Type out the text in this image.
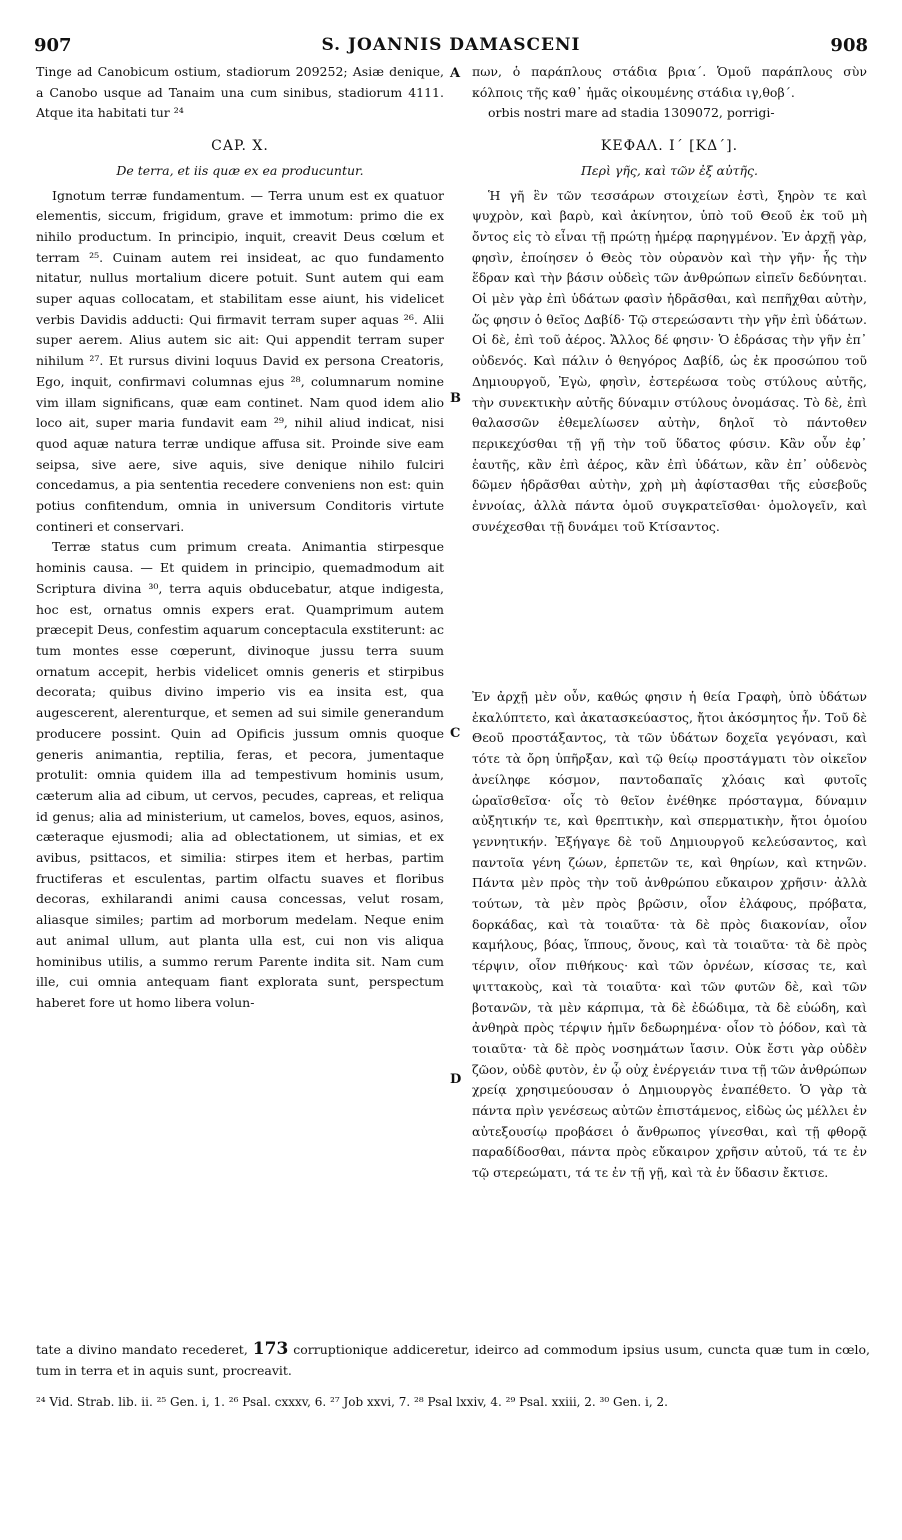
907	S. JOANNIS DAMASCENI	908

Tinge ad Canobicum ostium, stadiorum 209252; Asiæ denique, a Canobo usque ad Tanaim una cum sinibus, stadiorum 4111. Atque ita habitati tur ²⁴

CAP. X.

De terra, et iis quæ ex ea producuntur.

Ignotum terræ fundamentum. — Terra unum est ex quatuor elementis, siccum, frigidum, grave et immotum: primo die ex nihilo productum. In principio, inquit, creavit Deus cœlum et terram ²⁵. Cuinam autem rei insideat, ac quo fundamento nitatur, nullus mortalium dicere potuit. Sunt autem qui eam super aquas collocatam, et stabilitam esse aiunt, his videlicet verbis Davidis adducti: Qui firmavit terram super aquas ²⁶. Alii super aerem. Alius autem sic ait: Qui appendit terram super nihilum ²⁷. Et rursus divini loquus David ex persona Creatoris, Ego, inquit, confirmavi columnas ejus ²⁸, columnarum nomine vim illam significans, quæ eam continet. Nam quod idem alio loco ait, super maria fundavit eam ²⁹, nihil aliud indicat, nisi quod aquæ natura terræ undique affusa sit. Proinde sive eam seipsa, sive aere, sive aquis, sive denique nihilo fulciri concedamus, a pia sententia recedere conveniens non est: quin potius confitendum, omnia in universum Conditoris virtute contineri et conservari.

Terræ status cum primum creata. Animantia stirpesque hominis causa. — Et quidem in principio, quemadmodum ait Scriptura divina ³⁰, terra aquis obducebatur, atque indigesta, hoc est, ornatus omnis expers erat. Quamprimum autem præcepit Deus, confestim aquarum conceptacula exstiterunt: ac tum montes esse cœperunt, divinoque jussu terra suum ornatum accepit, herbis videlicet omnis generis et stirpibus decorata; quibus divino imperio vis ea insita est, qua augescerent, alerenturque, et semen ad sui simile generandum producere possint. Quin ad Opificis jussum omnis quoque generis animantia, reptilia, feras, et pecora, jumentaque protulit: omnia quidem illa ad tempestivum hominis usum, cæterum alia ad cibum, ut cervos, pecudes, capreas, et reliqua id genus; alia ad ministerium, ut camelos, boves, equos, asinos, cæteraque ejusmodi; alia ad oblectationem, ut simias, et ex avibus, psittacos, et similia: stirpes item et herbas, partim fructiferas et esculentas, partim olfactu suaves et floribus decoras, exhilarandi animi causa concessas, velut rosam, aliasque similes; partim ad morborum medelam. Neque enim aut animal ullum, aut planta ulla est, cui non vis aliqua hominibus utilis, a summo rerum Parente indita sit. Nam cum ille, cui omnia antequam fiant explorata sunt, perspectum haberet fore ut homo libera volun-

A
B
C
D

πων, ὁ παράπλους στάδια βρια´. Ὁμοῦ παράπλους σὺν κόλποις τῆς καθ᾽ ἡμᾶς οἰκουμένης στάδια ιγ,θοβ´.

orbis nostri mare ad stadia 1309072, porrigi-

ΚΕΦΑΛ. Ι´ [ΚΔ´].

Περὶ γῆς, καὶ τῶν ἐξ αὐτῆς.

Ἡ γῆ ἓν τῶν τεσσάρων στοιχείων ἐστὶ, ξηρὸν τε καὶ ψυχρὸν, καὶ βαρὺ, καὶ ἀκίνητον, ὑπὸ τοῦ Θεοῦ ἐκ τοῦ μὴ ὄντος εἰς τὸ εἶναι τῇ πρώτῃ ἡμέρᾳ παρηγμένον. Ἐν ἀρχῇ γὰρ, φησὶν, ἐποίησεν ὁ Θεὸς τὸν οὐρανὸν καὶ τὴν γῆν· ἧς τὴν ἕδραν καὶ τὴν βάσιν οὐδεὶς τῶν ἀνθρώπων εἰπεῖν δεδύνηται. Οἱ μὲν γὰρ ἐπὶ ὑδάτων φασὶν ἡδρᾶσθαι, καὶ πεπῆχθαι αὐτὴν, ὥς φησιν ὁ θεῖος Δαβίδ· Τῷ στερεώσαντι τὴν γῆν ἐπὶ ὑδάτων. Οἱ δὲ, ἐπὶ τοῦ ἀέρος. Ἄλλος δέ φησιν· Ὁ ἑδράσας τὴν γῆν ἐπ᾽ οὐδενός. Καὶ πάλιν ὁ θεηγόρος Δαβίδ, ὡς ἐκ προσώπου τοῦ Δημιουργοῦ, Ἐγὼ, φησὶν, ἐστερέωσα τοὺς στύλους αὐτῆς, τὴν συνεκτικὴν αὐτῆς δύναμιν στύλους ὀνομάσας. Τὸ δὲ, ἐπὶ θαλασσῶν ἐθεμελίωσεν αὐτὴν, δηλοῖ τὸ πάντοθεν περικεχύσθαι τῇ γῇ τὴν τοῦ ὕδατος φύσιν. Κἂν οὖν ἐφ᾽ ἑαυτῆς, κἂν ἐπὶ ἀέρος, κἂν ἐπὶ ὑδάτων, κἂν ἐπ᾽ οὐδενὸς δῶμεν ἡδρᾶσθαι αὐτὴν, χρὴ μὴ ἀφίστασθαι τῆς εὐσεβοῦς ἐννοίας, ἀλλὰ πάντα ὁμοῦ συγκρατεῖσθαι· ὁμολογεῖν, καὶ συνέχεσθαι τῇ δυνάμει τοῦ Κτίσαντος.

Ἐν ἀρχῇ μὲν οὖν, καθώς φησιν ἡ θεία Γραφὴ, ὑπὸ ὑδάτων ἐκαλύπτετο, καὶ ἀκατασκεύαστος, ἤτοι ἀκόσμητος ἦν. Τοῦ δὲ Θεοῦ προστάξαντος, τὰ τῶν ὑδάτων δοχεῖα γεγόνασι, καὶ τότε τὰ ὄρη ὑπῆρξαν, καὶ τῷ θείῳ προστάγματι τὸν οἰκεῖον ἀνείληφε κόσμον, παντοδαπαῖς χλόαις καὶ φυτοῖς ὡραϊσθεῖσα· οἷς τὸ θεῖον ἐνέθηκε πρόσταγμα, δύναμιν αὐξητικήν τε, καὶ θρεπτικὴν, καὶ σπερματικὴν, ἤτοι ὁμοίου γεννητικήν. Ἐξήγαγε δὲ τοῦ Δημιουργοῦ κελεύσαντος, καὶ παντοῖα γένη ζώων, ἑρπετῶν τε, καὶ θηρίων, καὶ κτηνῶν. Πάντα μὲν πρὸς τὴν τοῦ ἀνθρώπου εὔκαιρον χρῆσιν· ἀλλὰ τούτων, τὰ μὲν πρὸς βρῶσιν, οἷον ἐλάφους, πρόβατα, δορκάδας, καὶ τὰ τοιαῦτα· τὰ δὲ πρὸς διακονίαν, οἷον καμήλους, βόας, ἵππους, ὄνους, καὶ τὰ τοιαῦτα· τὰ δὲ πρὸς τέρψιν, οἷον πιθήκους· καὶ τῶν ὀρνέων, κίσσας τε, καὶ ψιττακοὺς, καὶ τὰ τοιαῦτα· καὶ τῶν φυτῶν δὲ, καὶ τῶν βοτανῶν, τὰ μὲν κάρπιμα, τὰ δὲ ἐδώδιμα, τὰ δὲ εὐώδη, καὶ ἀνθηρὰ πρὸς τέρψιν ἡμῖν δεδωρημένα· οἷον τὸ ῥόδον, καὶ τὰ τοιαῦτα· τὰ δὲ πρὸς νοσημάτων ἴασιν. Οὐκ ἔστι γὰρ οὐδὲν ζῶον, οὐδὲ φυτὸν, ἐν ᾧ οὐχ ἐνέργειάν τινα τῇ τῶν ἀνθρώπων χρείᾳ χρησιμεύουσαν ὁ Δημιουργὸς ἐναπέθετο. Ὁ γὰρ τὰ πάντα πρὶν γενέσεως αὐτῶν ἐπιστάμενος, εἰδὼς ὡς μέλλει ἐν αὐτεξουσίῳ προβάσει ὁ ἄνθρωπος γίνεσθαι, καὶ τῇ φθορᾷ παραδίδοσθαι, πάντα πρὸς εὔκαιρον χρῆσιν αὐτοῦ, τά τε ἐν τῷ στερεώματι, τά τε ἐν τῇ γῇ, καὶ τὰ ἐν ὕδασιν ἔκτισε.

tate a divino mandato recederet, 173 corruptionique addiceretur, ideirco ad commodum ipsius usum, cuncta quæ tum in cœlo, tum in terra et in aquis sunt, procreavit.
²⁴ Vid. Strab. lib. ii. ²⁵ Gen. i, 1. ²⁶ Psal. cxxxv, 6. ²⁷ Job xxvi, 7. ²⁸ Psal lxxiv, 4. ²⁹ Psal. xxiii, 2. ³⁰ Gen. i, 2.
